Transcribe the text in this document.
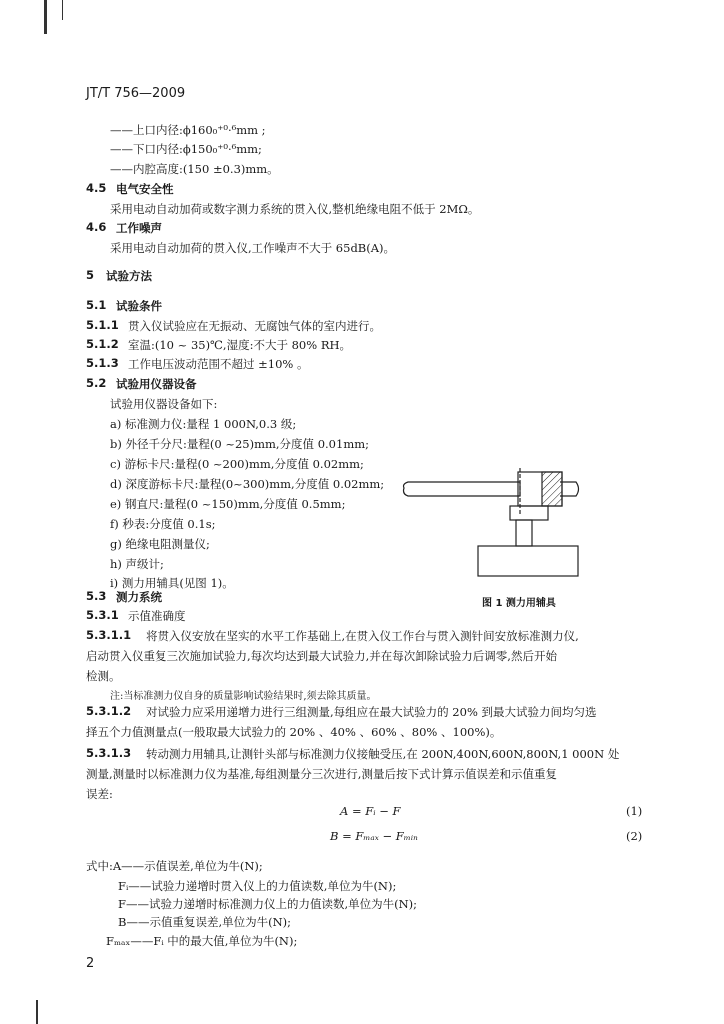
JT/T 756—2009
——上口内径:ϕ160₀⁺⁰·⁶mm ;
——下口内径:ϕ150₀⁺⁰·⁶mm;
——内腔高度:(150 ±0.3)mm。
4.5 电气安全性
采用电动自动加荷或数字测力系统的贯入仪,整机绝缘电阻不低于 2MΩ。
4.6 工作噪声
采用电动自动加荷的贯入仪,工作噪声不大于 65dB(A)。
5 试验方法
5.1 试验条件
5.1.1 贯入仪试验应在无振动、无腐蚀气体的室内进行。
5.1.2 室温:(10 ~ 35)℃,湿度:不大于 80% RH。
5.1.3 工作电压波动范围不超过 ±10% 。
5.2 试验用仪器设备
试验用仪器设备如下:
a) 标准测力仪:量程 1 000N,0.3 级;
b) 外径千分尺:量程(0 ~25)mm,分度值 0.01mm;
c) 游标卡尺:量程(0 ~200)mm,分度值 0.02mm;
d) 深度游标卡尺:量程(0~300)mm,分度值 0.02mm;
e) 钢直尺:量程(0 ~150)mm,分度值 0.5mm;
f) 秒表:分度值 0.1s;
g) 绝缘电阻测量仪;
h) 声级计;
i) 测力用辅具(见图 1)。
图 1 测力用辅具
5.3 测力系统
5.3.1 示值准确度
5.3.1.1 将贯入仪安放在坚实的水平工作基础上,在贯入仪工作台与贯入测针间安放标准测力仪,
启动贯入仪重复三次施加试验力,每次均达到最大试验力,并在每次卸除试验力后调零,然后开始
检测。
注:当标准测力仪自身的质量影响试验结果时,须去除其质量。
5.3.1.2 对试验力应采用递增力进行三组测量,每组应在最大试验力的 20% 到最大试验力间均匀选
择五个力值测量点(一般取最大试验力的 20% 、40% 、60% 、80% 、100%)。
5.3.1.3 转动测力用辅具,让测针头部与标准测力仪接触受压,在 200N,400N,600N,800N,1 000N 处
测量,测量时以标准测力仪为基准,每组测量分三次进行,测量后按下式计算示值误差和示值重复
误差:
A = Fᵢ − F	(1)
B = Fₘₐₓ − Fₘᵢₙ	(2)
式中:A——示值误差,单位为牛(N);
Fᵢ——试验力递增时贯入仪上的力值读数,单位为牛(N);
F——试验力递增时标准测力仪上的力值读数,单位为牛(N);
B——示值重复误差,单位为牛(N);
Fₘₐₓ——Fᵢ 中的最大值,单位为牛(N);
2
